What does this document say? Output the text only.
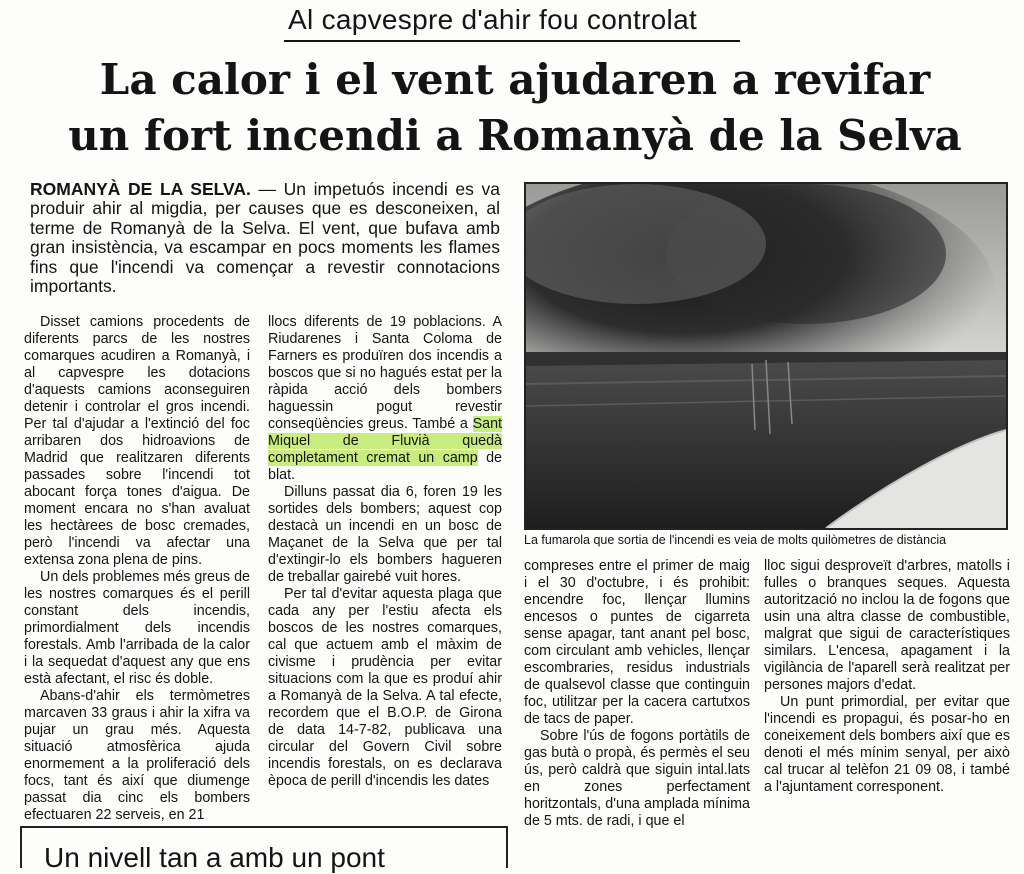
Al capvespre d'ahir fou controlat
La calor i el vent ajudaren a revifar
un fort incendi a Romanyà de la Selva
ROMANYÀ DE LA SELVA. — Un impetuós incendi es va produir ahir al migdia, per causes que es desconeixen, al terme de Romanyà de la Selva. El vent, que bufava amb gran insistència, va escampar en pocs moments les flames fins que l'incendi va començar a revestir connotacions importants.

Disset camions procedents de diferents parcs de les nostres comarques acudiren a Romanyà, i al capvespre les dotacions d'aquests camions aconseguiren detenir i controlar el gros incendi. Per tal d'ajudar a l'extinció del foc arribaren dos hidroavions de Madrid que realitzaren diferents passades sobre l'incendi tot abocant força tones d'aigua. De moment encara no s'han avaluat les hectàrees de bosc cremades, però l'incendi va afectar una extensa zona plena de pins.

Un dels problemes més greus de les nostres comarques és el perill constant dels incendis, primordialment dels incendis forestals. Amb l'arribada de la calor i la sequedat d'aquest any que ens està afectant, el risc és doble.

Abans-d'ahir els termòmetres marcaven 33 graus i ahir la xifra va pujar un grau més. Aquesta situació atmosfèrica ajuda enormement a la proliferació dels focs, tant és així que diumenge passat dia cinc els bombers efectuaren 22 serveis, en 21

llocs diferents de 19 poblacions. A Riudarenes i Santa Coloma de Farners es produïren dos incendis a boscos que si no hagués estat per la ràpida acció dels bombers haguessin pogut revestir conseqüències greus. També a Sant Miquel de Fluvià quedà completament cremat un camp de blat.

Dilluns passat dia 6, foren 19 les sortides dels bombers; aquest cop destacà un incendi en un bosc de Maçanet de la Selva que per tal d'extingir-lo els bombers hagueren de treballar gairebé vuit hores.

Per tal d'evitar aquesta plaga que cada any per l'estiu afecta els boscos de les nostres comarques, cal que actuem amb el màxim de civisme i prudència per evitar situacions com la que es produí ahir a Romanyà de la Selva. A tal efecte, recordem que el B.O.P. de Girona de data 14-7-82, publicava una circular del Govern Civil sobre incendis forestals, on es declarava època de perill d'incendis les dates

La fumarola que sortia de l'incendi es veia de molts quilòmetres de distància

compreses entre el primer de maig i el 30 d'octubre, i és prohibit: encendre foc, llençar llumins encesos o puntes de cigarreta sense apagar, tant anant pel bosc, com circulant amb vehicles, llençar escombraries, residus industrials de qualsevol classe que continguin foc, utilitzar per la cacera cartutxos de tacs de paper.

Sobre l'ús de fogons portàtils de gas butà o propà, és permès el seu ús, però caldrà que siguin intal.lats en zones perfectament horitzontals, d'una amplada mínima de 5 mts. de radi, i que el

lloc sigui desproveït d'arbres, matolls i fulles o branques seques. Aquesta autorització no inclou la de fogons que usin una altra classe de combustible, malgrat que sigui de característiques similars. L'encesa, apagament i la vigilància de l'aparell serà realitzat per persones majors d'edat.

Un punt primordial, per evitar que l'incendi es propagui, és posar-ho en coneixement dels bombers així que es denoti el més mínim senyal, per això cal trucar al telèfon 21 09 08, i també a l'ajuntament corresponent.

Un nivell tan a amb un pont
